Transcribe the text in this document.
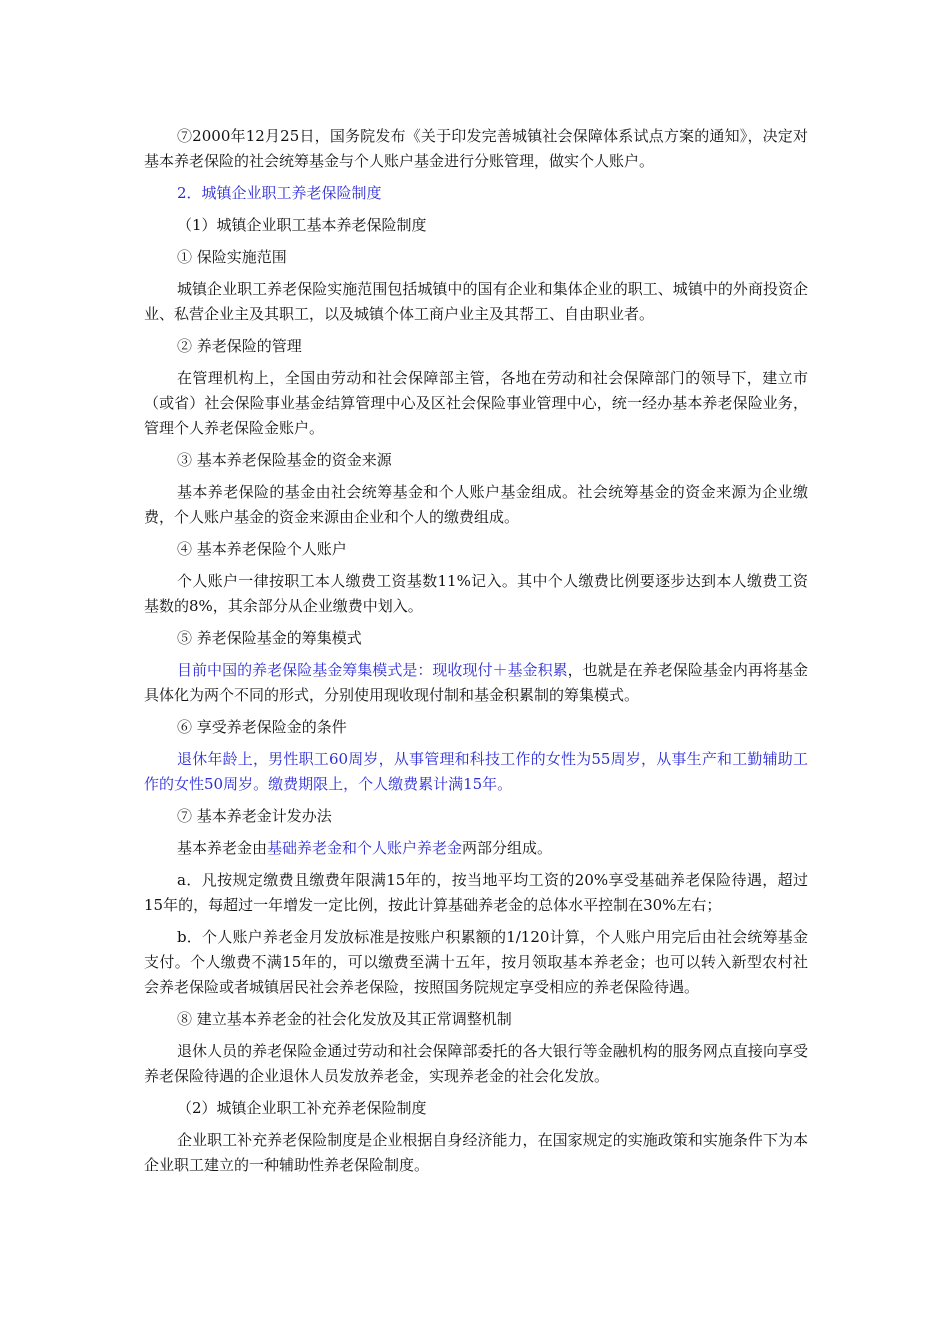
⑦2000年12月25日，国务院发布《关于印发完善城镇社会保障体系试点方案的通知》，决定对基本养老保险的社会统筹基金与个人账户基金进行分账管理，做实个人账户。

2．城镇企业职工养老保险制度

（1）城镇企业职工基本养老保险制度

① 保险实施范围

城镇企业职工养老保险实施范围包括城镇中的国有企业和集体企业的职工、城镇中的外商投资企业、私营企业主及其职工，以及城镇个体工商户业主及其帮工、自由职业者。

② 养老保险的管理

在管理机构上，全国由劳动和社会保障部主管，各地在劳动和社会保障部门的领导下，建立市（或省）社会保险事业基金结算管理中心及区社会保险事业管理中心，统一经办基本养老保险业务，管理个人养老保险金账户。

③ 基本养老保险基金的资金来源

基本养老保险的基金由社会统筹基金和个人账户基金组成。社会统筹基金的资金来源为企业缴费，个人账户基金的资金来源由企业和个人的缴费组成。

④ 基本养老保险个人账户

个人账户一律按职工本人缴费工资基数11%记入。其中个人缴费比例要逐步达到本人缴费工资基数的8%，其余部分从企业缴费中划入。

⑤ 养老保险基金的筹集模式

目前中国的养老保险基金筹集模式是：现收现付＋基金积累，也就是在养老保险基金内再将基金具体化为两个不同的形式，分别使用现收现付制和基金积累制的筹集模式。

⑥ 享受养老保险金的条件

退休年龄上，男性职工60周岁，从事管理和科技工作的女性为55周岁，从事生产和工勤辅助工作的女性50周岁。缴费期限上，个人缴费累计满15年。

⑦ 基本养老金计发办法

基本养老金由基础养老金和个人账户养老金两部分组成。

a．凡按规定缴费且缴费年限满15年的，按当地平均工资的20%享受基础养老保险待遇，超过15年的，每超过一年增发一定比例，按此计算基础养老金的总体水平控制在30%左右；

b．个人账户养老金月发放标准是按账户积累额的1/120计算，个人账户用完后由社会统筹基金支付。个人缴费不满15年的，可以缴费至满十五年，按月领取基本养老金；也可以转入新型农村社会养老保险或者城镇居民社会养老保险，按照国务院规定享受相应的养老保险待遇。

⑧ 建立基本养老金的社会化发放及其正常调整机制

退休人员的养老保险金通过劳动和社会保障部委托的各大银行等金融机构的服务网点直接向享受养老保险待遇的企业退休人员发放养老金，实现养老金的社会化发放。

（2）城镇企业职工补充养老保险制度

企业职工补充养老保险制度是企业根据自身经济能力，在国家规定的实施政策和实施条件下为本企业职工建立的一种辅助性养老保险制度。
